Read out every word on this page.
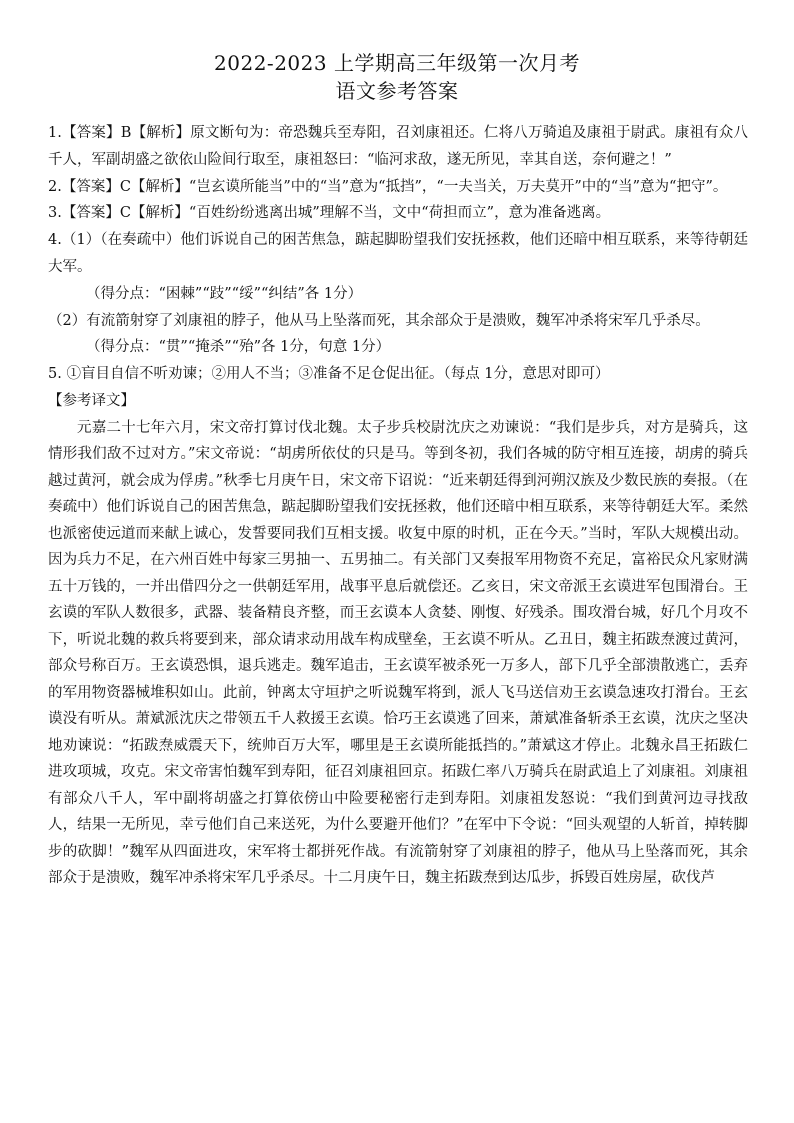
2022-2023 上学期高三年级第一次月考
语文参考答案

1.【答案】B【解析】原文断句为：帝恐魏兵至寿阳，召刘康祖还。仁将八万骑追及康祖于尉武。康祖有众八千人，军副胡盛之欲依山险间行取至，康祖怒曰：“临河求敌，遂无所见，幸其自送，奈何避之！”

2.【答案】C【解析】“岂玄谟所能当”中的“当”意为“抵挡”，“一夫当关，万夫莫开”中的“当”意为“把守”。

3.【答案】C【解析】“百姓纷纷逃离出城”理解不当，文中“荷担而立”，意为准备逃离。

4.（1）（在奏疏中）他们诉说自己的困苦焦急，踮起脚盼望我们安抚拯救，他们还暗中相互联系，来等待朝廷大军。

（得分点：“困棘”“跂”“绥”“纠结”各 1分）

（2）有流箭射穿了刘康祖的脖子，他从马上坠落而死，其余部众于是溃败，魏军冲杀将宋军几乎杀尽。

（得分点：“贯”“掩杀”“殆”各 1分，句意 1分）

5. ①盲目自信不听劝谏；②用人不当；③准备不足仓促出征。（每点 1分，意思对即可）

【参考译文】

元嘉二十七年六月，宋文帝打算讨伐北魏。太子步兵校尉沈庆之劝谏说：“我们是步兵，对方是骑兵，这情形我们敌不过对方。”宋文帝说：“胡虏所依仗的只是马。等到冬初，我们各城的防守相互连接，胡虏的骑兵越过黄河，就会成为俘虏。”秋季七月庚午日，宋文帝下诏说：“近来朝廷得到河朔汉族及少数民族的奏报。（在奏疏中）他们诉说自己的困苦焦急，踮起脚盼望我们安抚拯救，他们还暗中相互联系，来等待朝廷大军。柔然也派密使远道而来献上诚心，发誓要同我们互相支援。收复中原的时机，正在今天。”当时，军队大规模出动。因为兵力不足，在六州百姓中每家三男抽一、五男抽二。有关部门又奏报军用物资不充足，富裕民众凡家财满五十万钱的，一并出借四分之一供朝廷军用，战事平息后就偿还。乙亥日，宋文帝派王玄谟进军包围滑台。王玄谟的军队人数很多，武器、装备精良齐整，而王玄谟本人贪婪、刚愎、好残杀。围攻滑台城，好几个月攻不下，听说北魏的救兵将要到来，部众请求动用战车构成壁垒，王玄谟不听从。乙丑日，魏主拓跋焘渡过黄河，部众号称百万。王玄谟恐惧，退兵逃走。魏军追击，王玄谟军被杀死一万多人，部下几乎全部溃散逃亡，丢弃的军用物资器械堆积如山。此前，钟离太守垣护之听说魏军将到，派人飞马送信劝王玄谟急速攻打滑台。王玄谟没有听从。萧斌派沈庆之带领五千人救援王玄谟。恰巧王玄谟逃了回来，萧斌准备斩杀王玄谟，沈庆之坚决地劝谏说：“拓跋焘威震天下，统帅百万大军，哪里是王玄谟所能抵挡的。”萧斌这才停止。北魏永昌王拓跋仁进攻项城，攻克。宋文帝害怕魏军到寿阳，征召刘康祖回京。拓跋仁率八万骑兵在尉武追上了刘康祖。刘康祖有部众八千人，军中副将胡盛之打算依傍山中险要秘密行走到寿阳。刘康祖发怒说：“我们到黄河边寻找敌人，结果一无所见，幸亏他们自己来送死，为什么要避开他们？”在军中下令说：“回头观望的人斩首，掉转脚步的砍脚！”魏军从四面进攻，宋军将士都拼死作战。有流箭射穿了刘康祖的脖子，他从马上坠落而死，其余部众于是溃败，魏军冲杀将宋军几乎杀尽。十二月庚午日，魏主拓跋焘到达瓜步，拆毁百姓房屋，砍伐芦
